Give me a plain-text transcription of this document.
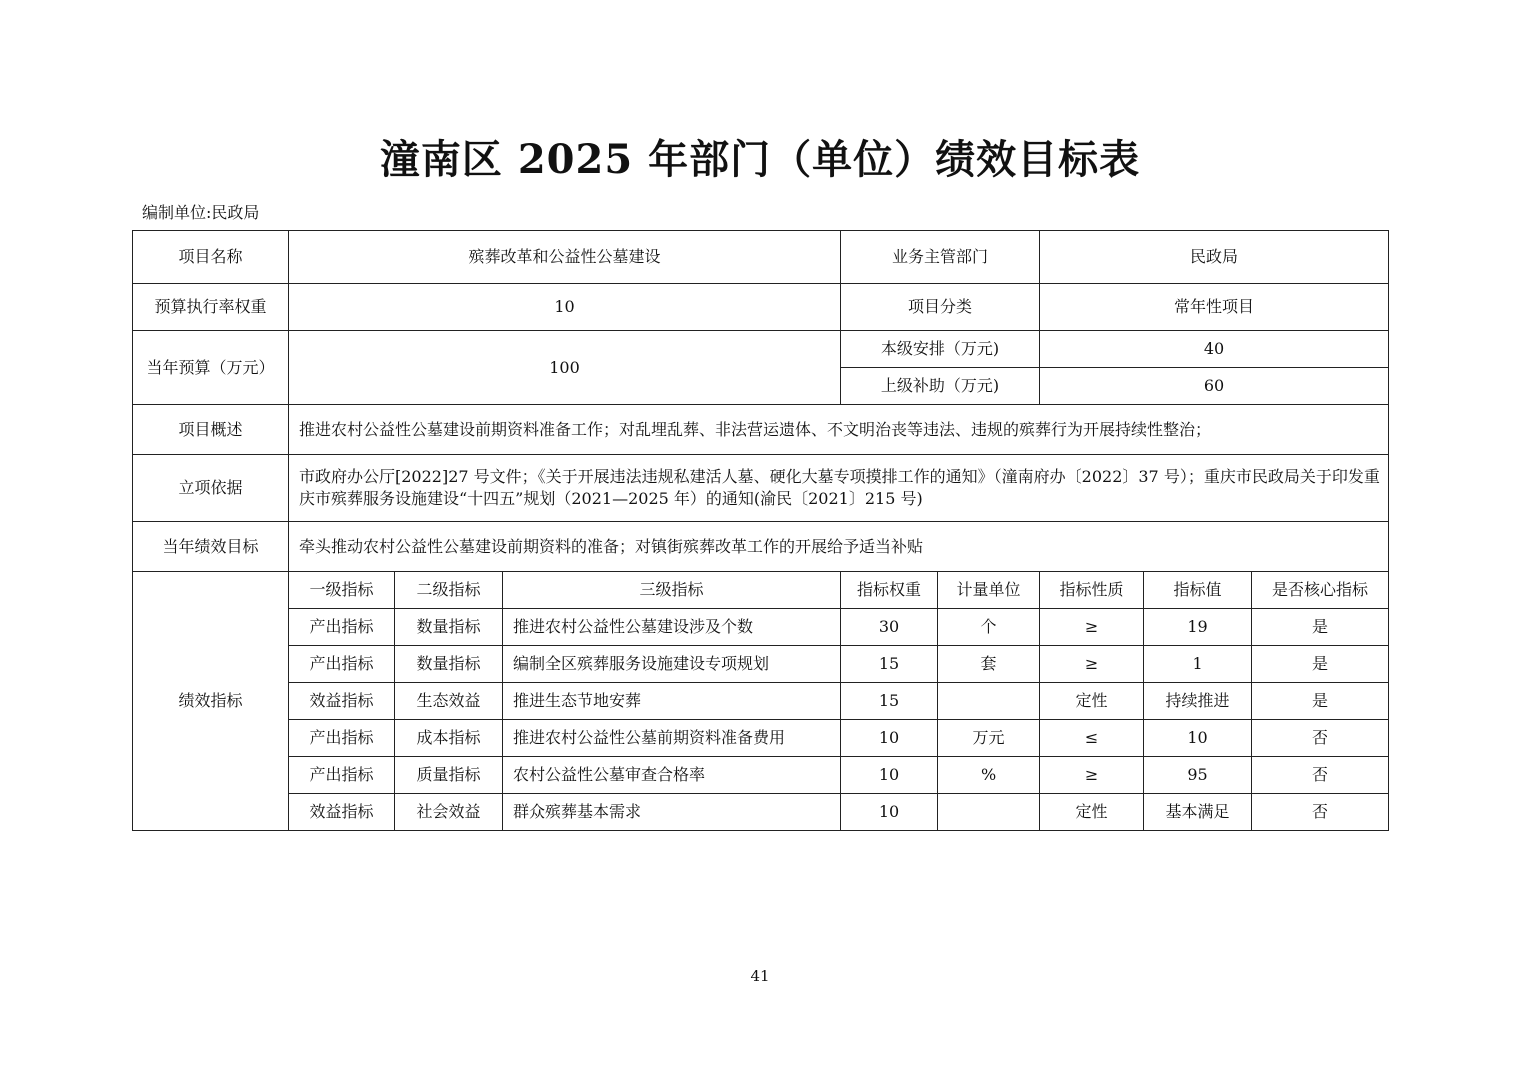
潼南区 2025 年部门（单位）绩效目标表
编制单位:民政局
项目名称	殡葬改革和公益性公墓建设			业务主管部门		民政局		
预算执行率权重	10			项目分类		常年性项目		
当年预算（万元）	100			本级安排（万元)		40		
				上级补助（万元)		60		
项目概述	推进农村公益性公墓建设前期资料准备工作；对乱埋乱葬、非法营运遗体、不文明治丧等违法、违规的殡葬行为开展持续性整治；							
立项依据	市政府办公厅[2022]27 号文件；《关于开展违法违规私建活人墓、硬化大墓专项摸排工作的通知》（潼南府办〔2022〕37 号）；重庆市民政局关于印发重庆市殡葬服务设施建设“十四五”规划（2021—2025 年）的通知(渝民〔2021〕215 号)							
当年绩效目标	牵头推动农村公益性公墓建设前期资料的准备；对镇街殡葬改革工作的开展给予适当补贴							
绩效指标	一级指标	二级指标	三级指标	指标权重	计量单位	指标性质	指标值	是否核心指标
	产出指标	数量指标	推进农村公益性公墓建设涉及个数	30	个	≥	19	是
	产出指标	数量指标	编制全区殡葬服务设施建设专项规划	15	套	≥	1	是
	效益指标	生态效益	推进生态节地安葬	15		定性	持续推进	是
	产出指标	成本指标	推进农村公益性公墓前期资料准备费用	10	万元	≤	10	否
	产出指标	质量指标	农村公益性公墓审查合格率	10	%	≥	95	否
	效益指标	社会效益	群众殡葬基本需求	10		定性	基本满足	否
41
